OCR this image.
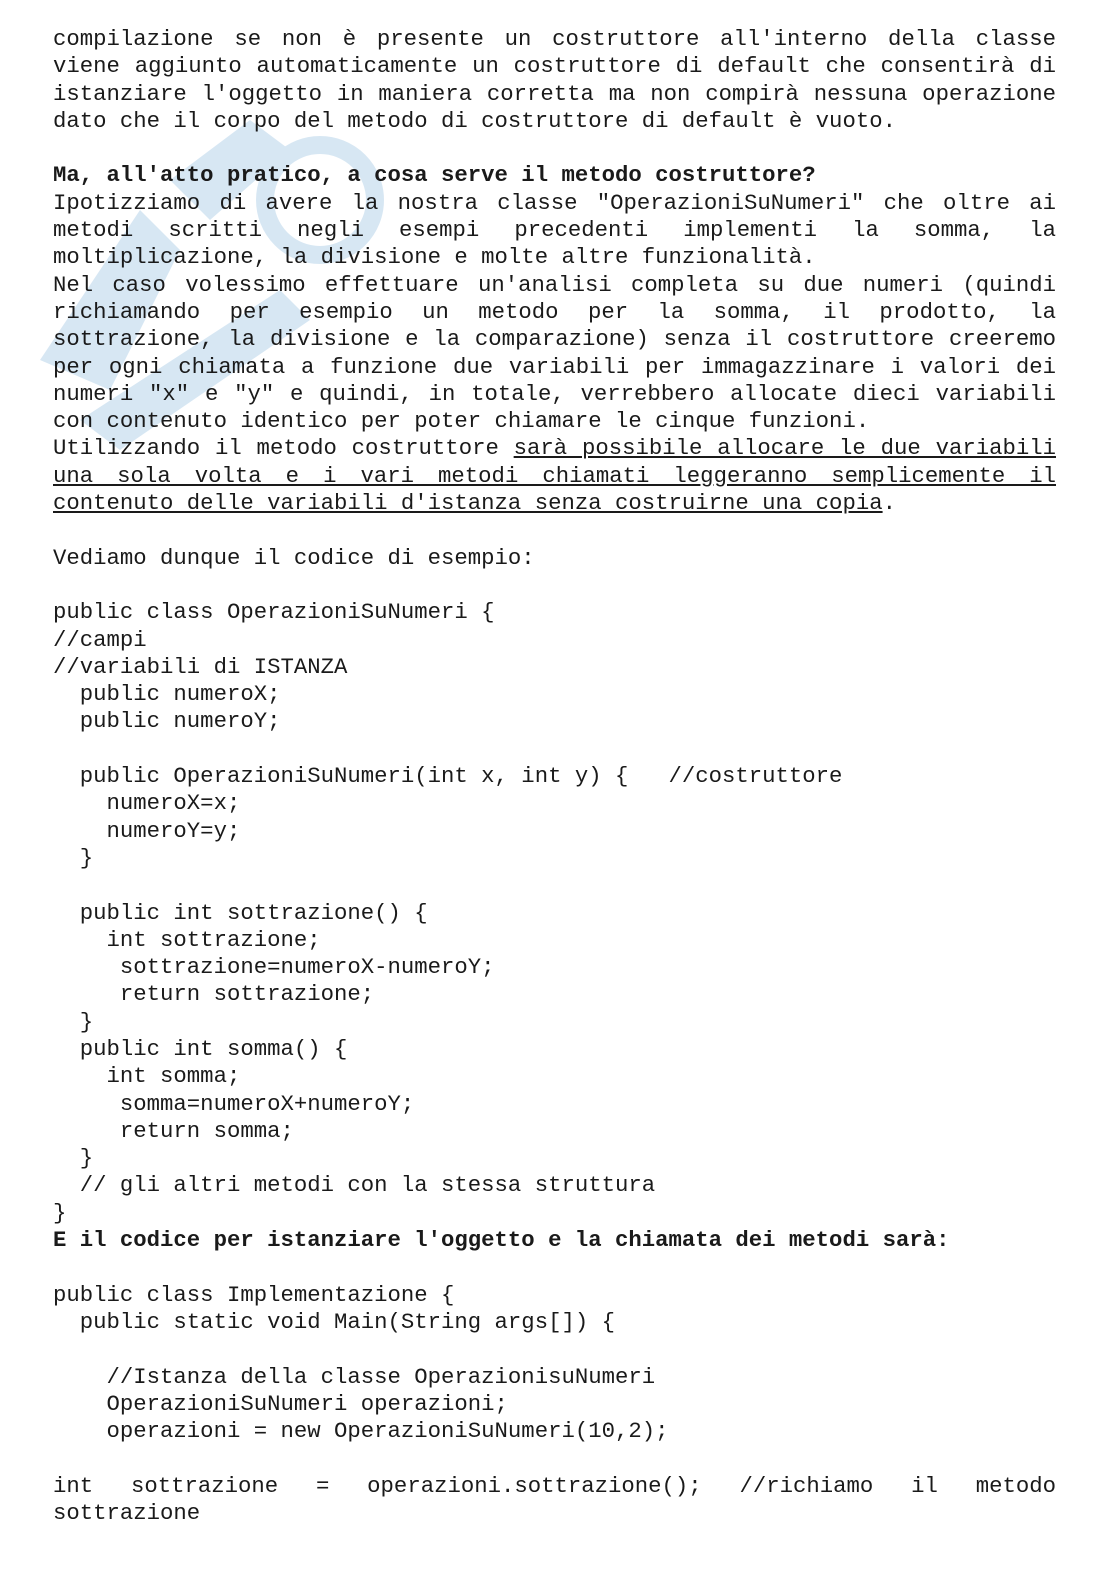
compilazione se non è presente un costruttore all'interno della classe
viene aggiunto automaticamente un costruttore di default che consentirà di
istanziare l'oggetto in maniera corretta ma non compirà nessuna operazione
dato che il corpo del metodo di costruttore di default è vuoto.
Ma, all'atto pratico, a cosa serve il metodo costruttore?
Ipotizziamo di avere la nostra classe "OperazioniSuNumeri" che oltre ai
metodi scritti negli esempi precedenti implementi la somma, la
moltiplicazione, la divisione e molte altre funzionalità.
Nel caso volessimo effettuare un'analisi completa su due numeri (quindi
richiamando per esempio un metodo per la somma, il prodotto, la
sottrazione, la divisione e la comparazione) senza il costruttore creeremo
per ogni chiamata a funzione due variabili per immagazzinare i valori dei
numeri "x" e "y" e quindi, in totale, verrebbero allocate dieci variabili
con contenuto identico per poter chiamare le cinque funzioni.
Utilizzando il metodo costruttore sarà possibile allocare le due variabili
una sola volta e i vari metodi chiamati leggeranno semplicemente il
contenuto delle variabili d'istanza senza costruirne una copia.
Vediamo dunque il codice di esempio:
public class OperazioniSuNumeri {
//campi
//variabili di ISTANZA
public numeroX;
public numeroY;
public OperazioniSuNumeri(int x, int y) {   //costruttore
numeroX=x;
numeroY=y;
}
public int sottrazione() {
int sottrazione;
sottrazione=numeroX-numeroY;
return sottrazione;
}
public int somma() {
int somma;
somma=numeroX+numeroY;
return somma;
}
// gli altri metodi con la stessa struttura
}
E il codice per istanziare l'oggetto e la chiamata dei metodi sarà:
public class Implementazione {
public static void Main(String args[]) {
//Istanza della classe OperazionisuNumeri
OperazioniSuNumeri operazioni;
operazioni = new OperazioniSuNumeri(10,2);
int sottrazione = operazioni.sottrazione(); //richiamo il metodo
sottrazione
